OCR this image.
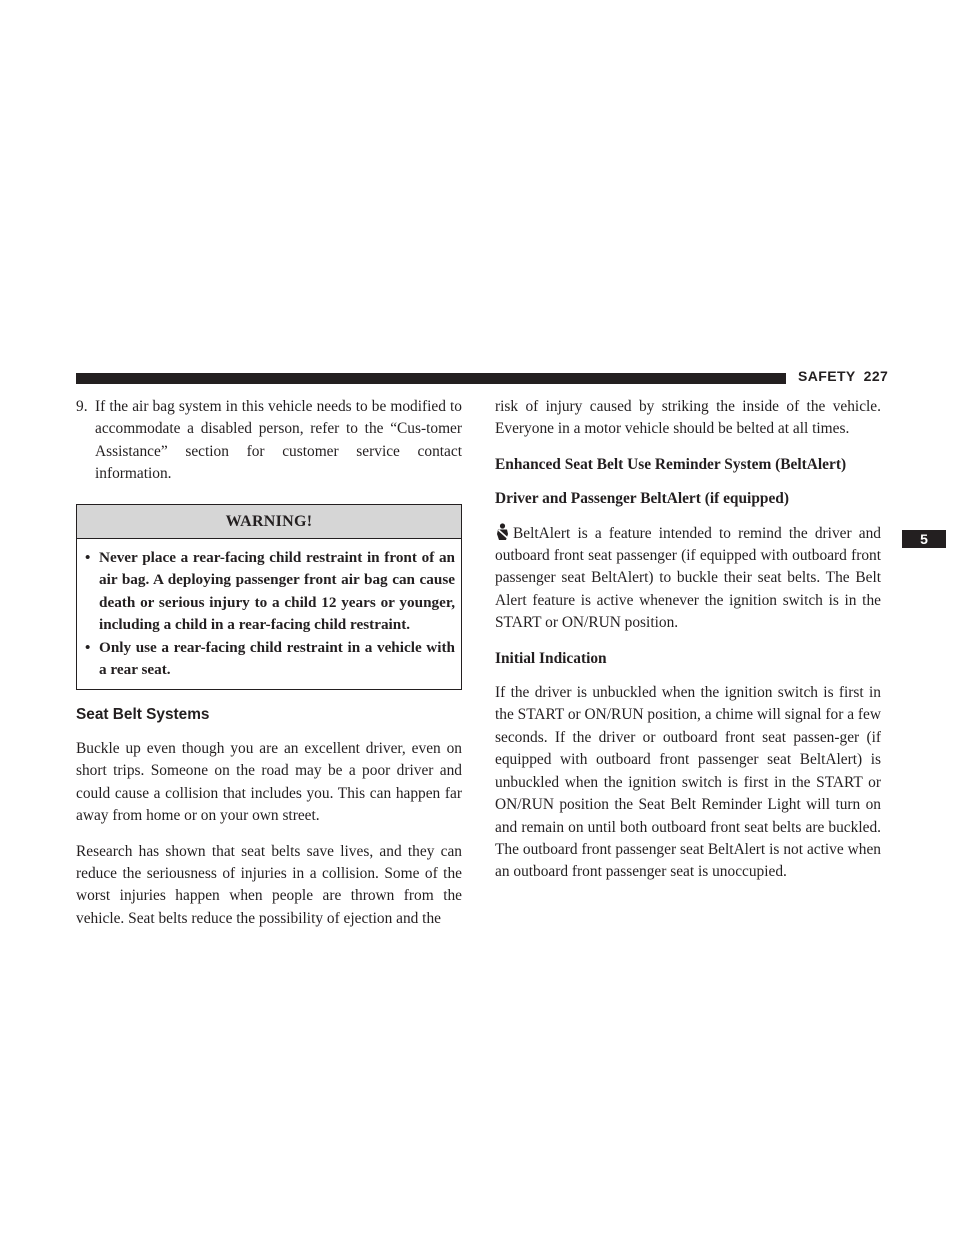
SAFETY 227
5
9. If the air bag system in this vehicle needs to be modified to accommodate a disabled person, refer to the “Cus-tomer Assistance” section for customer service contact information.
WARNING!
• Never place a rear-facing child restraint in front of an air bag. A deploying passenger front air bag can cause death or serious injury to a child 12 years or younger, including a child in a rear-facing child restraint.
• Only use a rear-facing child restraint in a vehicle with a rear seat.
Seat Belt Systems

Buckle up even though you are an excellent driver, even on short trips. Someone on the road may be a poor driver and could cause a collision that includes you. This can happen far away from home or on your own street.

Research has shown that seat belts save lives, and they can reduce the seriousness of injuries in a collision. Some of the worst injuries happen when people are thrown from the vehicle. Seat belts reduce the possibility of ejection and the

risk of injury caused by striking the inside of the vehicle. Everyone in a motor vehicle should be belted at all times.

Enhanced Seat Belt Use Reminder System (BeltAlert)
Driver and Passenger BeltAlert (if equipped)

BeltAlert is a feature intended to remind the driver and outboard front seat passenger (if equipped with outboard front passenger seat BeltAlert) to buckle their seat belts. The Belt Alert feature is active whenever the ignition switch is in the START or ON/RUN position.

Initial Indication

If the driver is unbuckled when the ignition switch is first in the START or ON/RUN position, a chime will signal for a few seconds. If the driver or outboard front seat passen-ger (if equipped with outboard front passenger seat BeltAlert) is unbuckled when the ignition switch is first in the START or ON/RUN position the Seat Belt Reminder Light will turn on and remain on until both outboard front seat belts are buckled. The outboard front passenger seat BeltAlert is not active when an outboard front passenger seat is unoccupied.
